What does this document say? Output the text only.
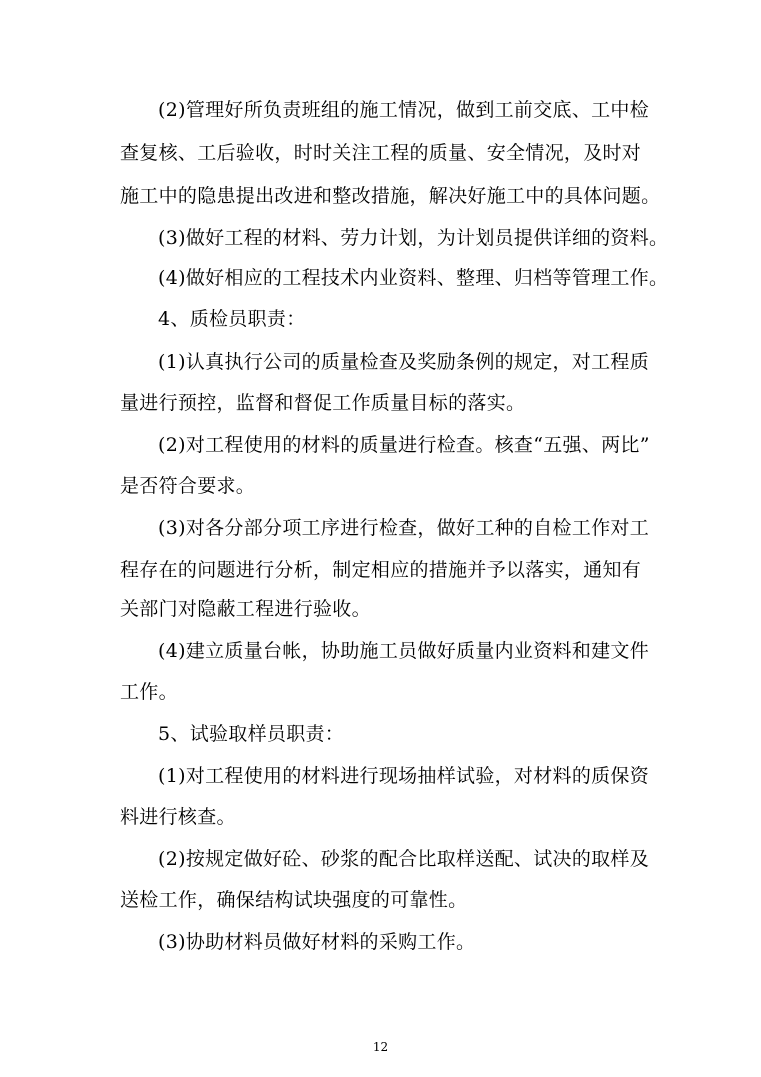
(2)管理好所负责班组的施工情况，做到工前交底、工中检
查复核、工后验收，时时关注工程的质量、安全情况，及时对
施工中的隐患提出改进和整改措施，解决好施工中的具体问题。
(3)做好工程的材料、劳力计划，为计划员提供详细的资料。
(4)做好相应的工程技术内业资料、整理、归档等管理工作。
4、质检员职责：
(1)认真执行公司的质量检查及奖励条例的规定，对工程质
量进行预控，监督和督促工作质量目标的落实。
(2)对工程使用的材料的质量进行检查。核查“五强、两比”
是否符合要求。
(3)对各分部分项工序进行检查，做好工种的自检工作对工
程存在的问题进行分析，制定相应的措施并予以落实，通知有
关部门对隐蔽工程进行验收。
(4)建立质量台帐，协助施工员做好质量内业资料和建文件
工作。
5、试验取样员职责：
(1)对工程使用的材料进行现场抽样试验，对材料的质保资
料进行核查。
(2)按规定做好砼、砂浆的配合比取样送配、试决的取样及
送检工作，确保结构试块强度的可靠性。
(3)协助材料员做好材料的采购工作。
12
